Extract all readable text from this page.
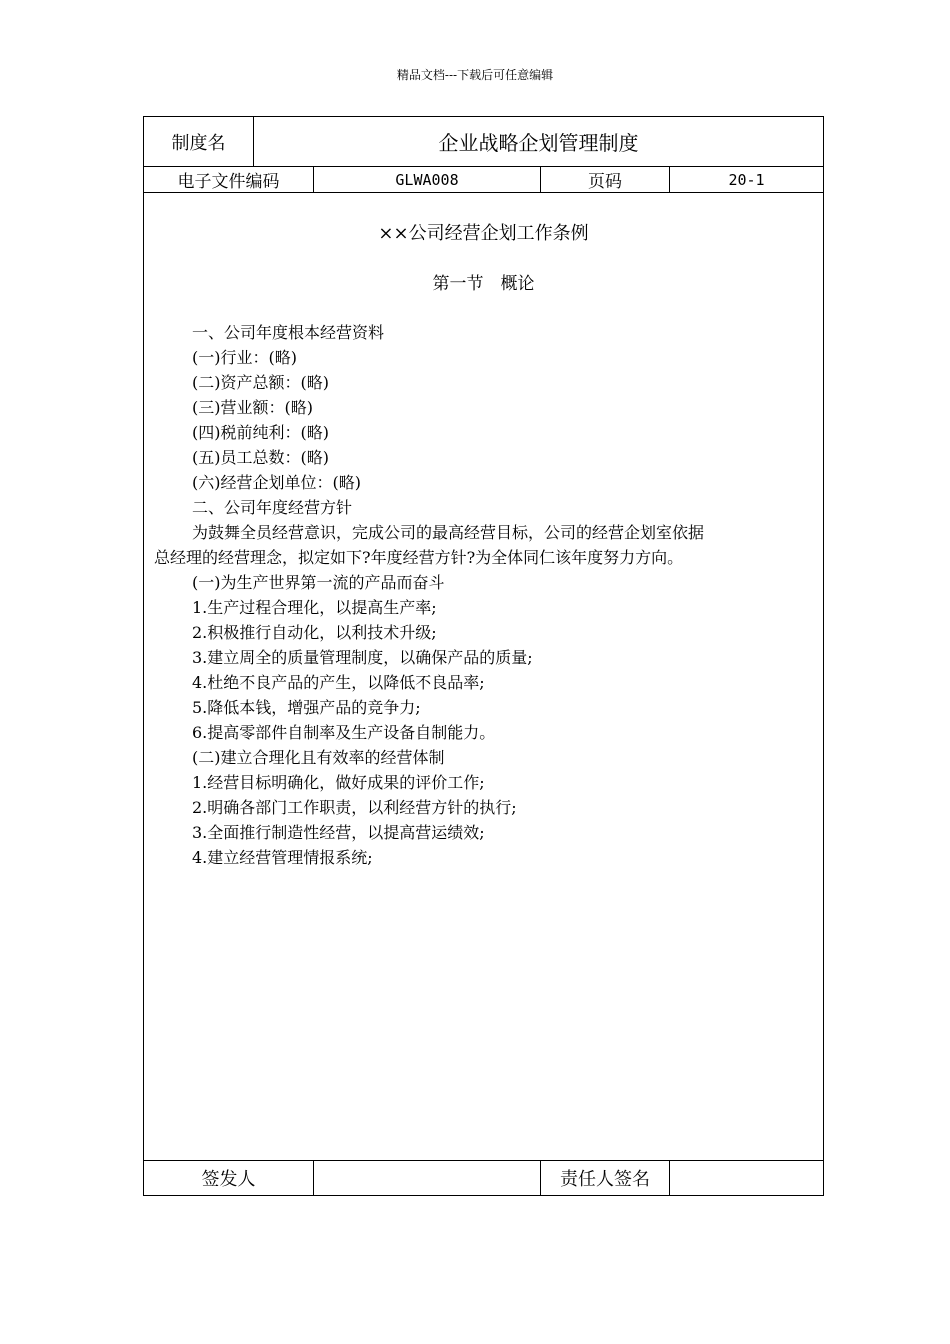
精品文档---下载后可任意编辑
制度名	企业战略企划管理制度
电子文件编码	GLWA008	页码	20-1
××公司经营企划工作条例
第一节　概论
一、公司年度根本经营资料
(一)行业：(略)
(二)资产总额：(略)
(三)营业额：(略)
(四)税前纯利：(略)
(五)员工总数：(略)
(六)经营企划单位：(略)
二、公司年度经营方针
为鼓舞全员经营意识，完成公司的最高经营目标，公司的经营企划室依据
总经理的经营理念，拟定如下?年度经营方针?为全体同仁该年度努力方向。
(一)为生产世界第一流的产品而奋斗
1.生产过程合理化，以提高生产率;
2.积极推行自动化，以利技术升级;
3.建立周全的质量管理制度，以确保产品的质量;
4.杜绝不良产品的产生，以降低不良品率;
5.降低本钱，增强产品的竞争力;
6.提高零部件自制率及生产设备自制能力。
(二)建立合理化且有效率的经营体制
1.经营目标明确化，做好成果的评价工作;
2.明确各部门工作职责，以利经营方针的执行;
3.全面推行制造性经营，以提高营运绩效;
4.建立经营管理情报系统;
签发人	责任人签名
